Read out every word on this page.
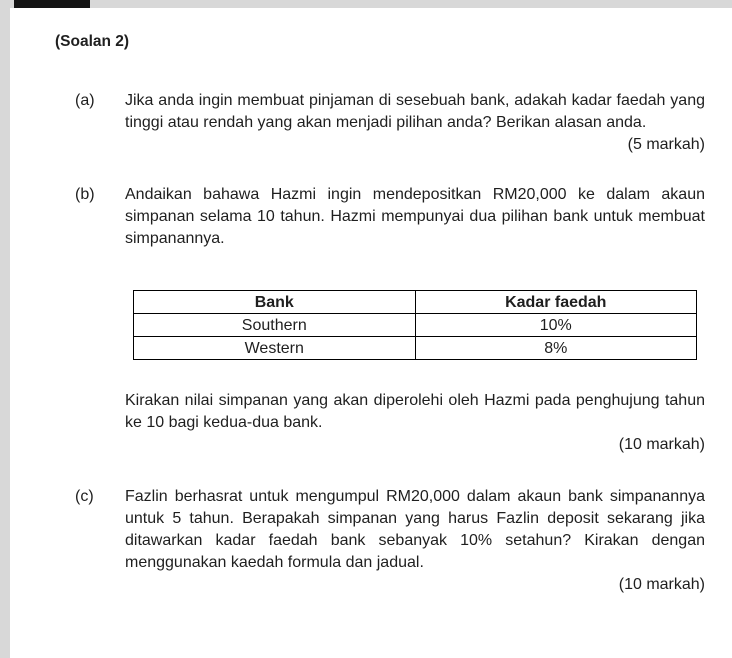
(Soalan 2)
(a)	Jika anda ingin membuat pinjaman di sesebuah bank, adakah kadar faedah yang tinggi atau rendah yang akan menjadi pilihan anda? Berikan alasan anda.

(5 markah)
(b)	Andaikan bahawa Hazmi ingin mendepositkan RM20,000 ke dalam akaun simpanan selama 10 tahun. Hazmi mempunyai dua pilihan bank untuk membuat simpanannya.

Bank	Kadar faedah
Southern	10%
Western	8%

Kirakan nilai simpanan yang akan diperolehi oleh Hazmi pada penghujung tahun ke 10 bagi kedua-dua bank.

(10 markah)
(c)	Fazlin berhasrat untuk mengumpul RM20,000 dalam akaun bank simpanannya untuk 5 tahun. Berapakah simpanan yang harus Fazlin deposit sekarang jika ditawarkan kadar faedah bank sebanyak 10% setahun? Kirakan dengan menggunakan kaedah formula dan jadual.

(10 markah)
